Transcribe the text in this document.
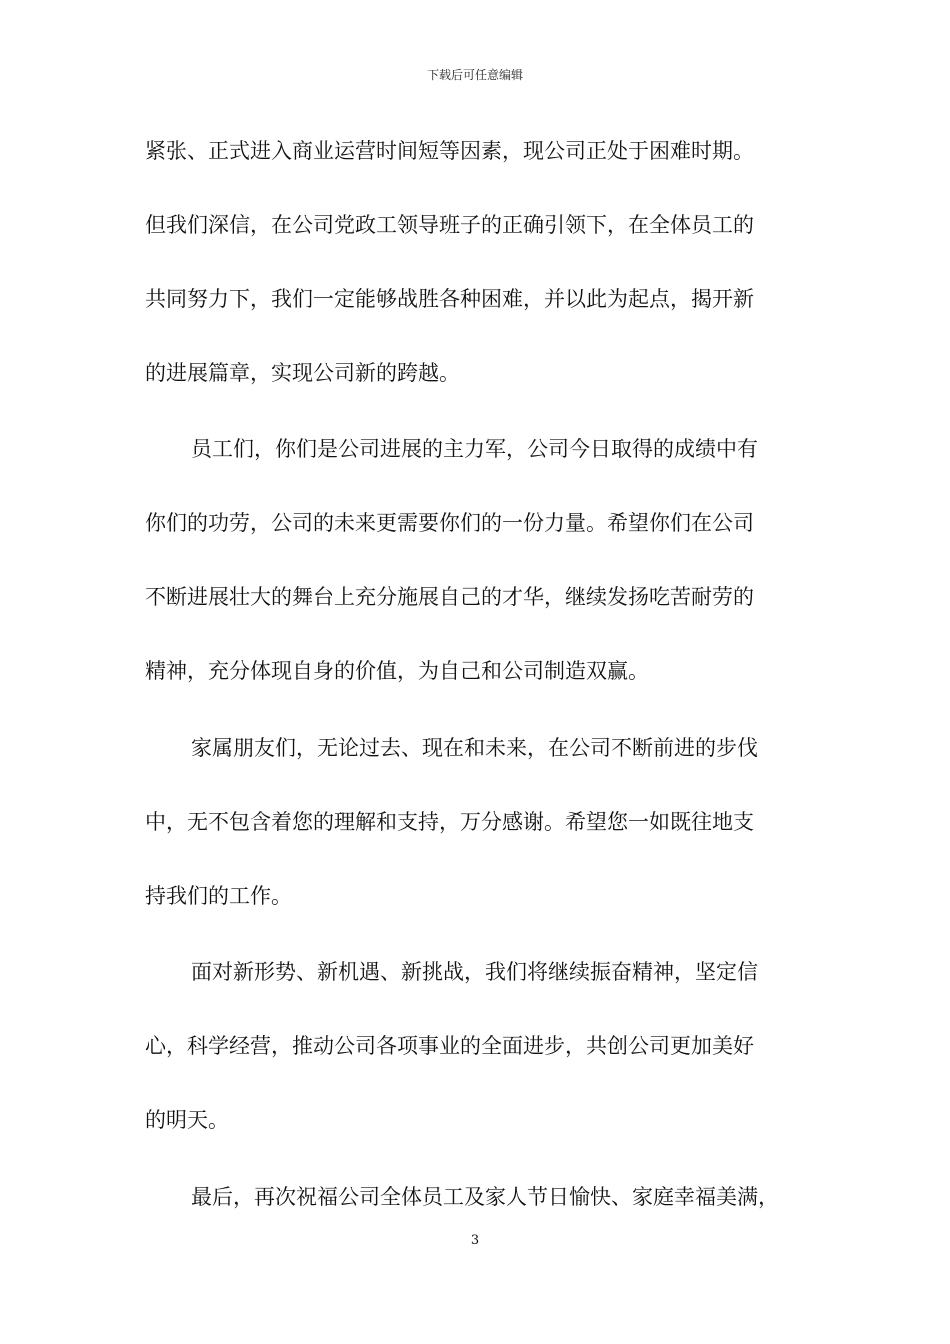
下载后可任意编辑
紧张、正式进入商业运营时间短等因素，现公司正处于困难时期。
但我们深信，在公司党政工领导班子的正确引领下，在全体员工的
共同努力下，我们一定能够战胜各种困难，并以此为起点，揭开新
的进展篇章，实现公司新的跨越。
员工们，你们是公司进展的主力军，公司今日取得的成绩中有
你们的功劳，公司的未来更需要你们的一份力量。希望你们在公司
不断进展壮大的舞台上充分施展自己的才华，继续发扬吃苦耐劳的
精神，充分体现自身的价值，为自己和公司制造双赢。
家属朋友们，无论过去、现在和未来，在公司不断前进的步伐
中，无不包含着您的理解和支持，万分感谢。希望您一如既往地支
持我们的工作。
面对新形势、新机遇、新挑战，我们将继续振奋精神，坚定信
心，科学经营，推动公司各项事业的全面进步，共创公司更加美好
的明天。
最后，再次祝福公司全体员工及家人节日愉快、家庭幸福美满，
3
